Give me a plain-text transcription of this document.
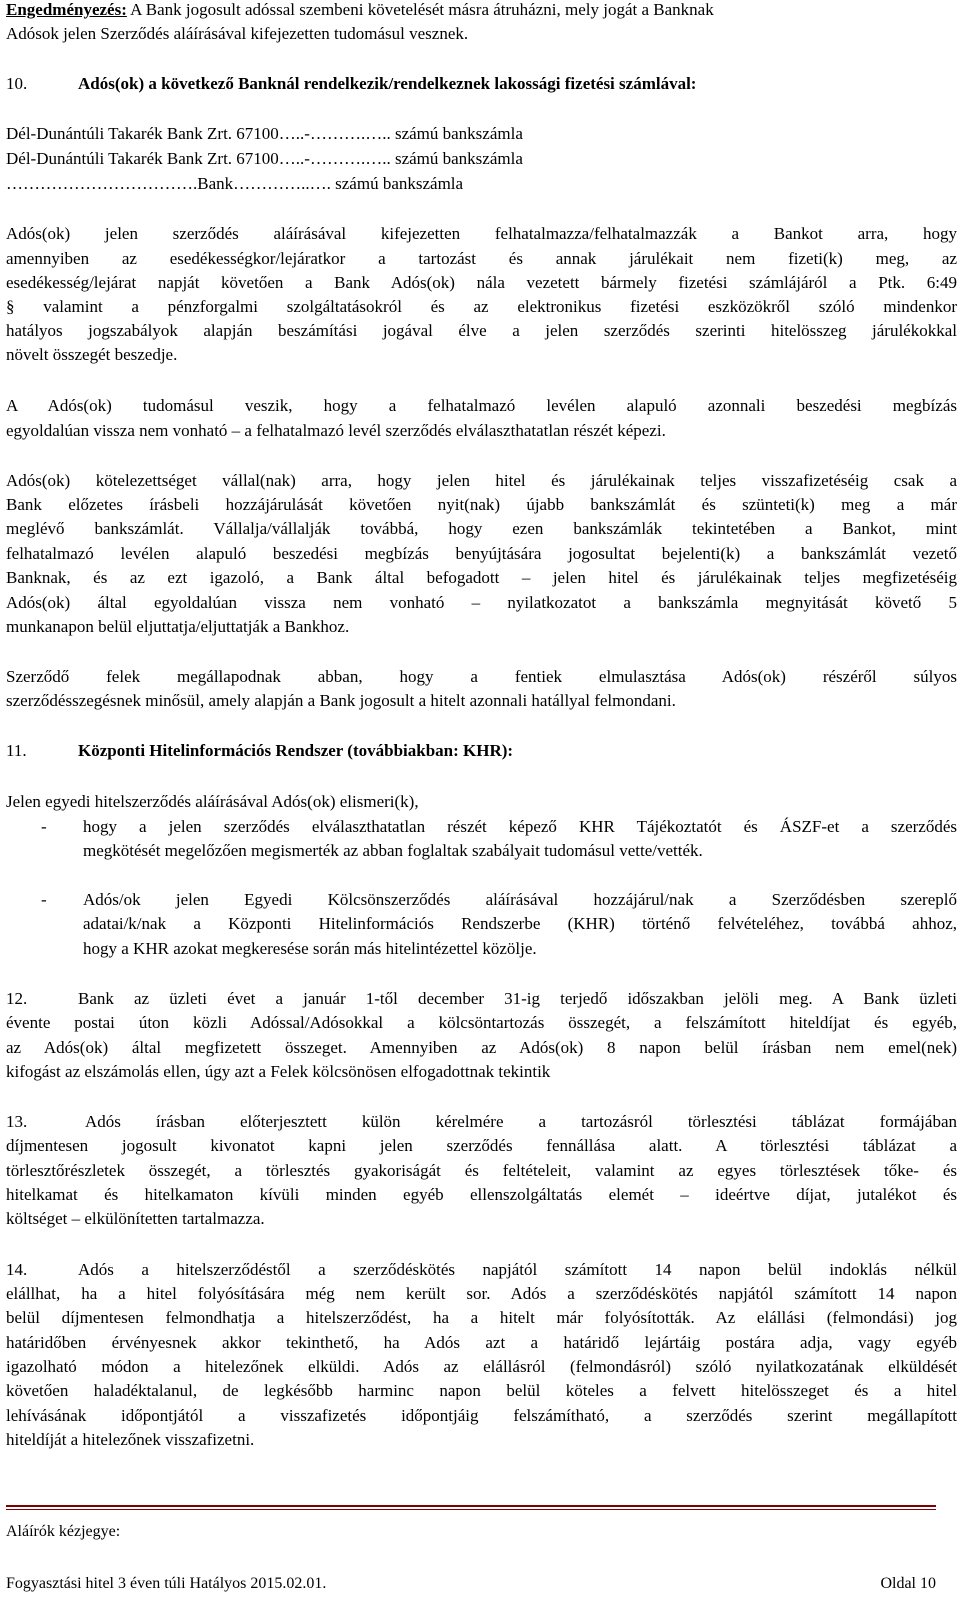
Engedményezés: A Bank jogosult adóssal szembeni követelését másra átruházni, mely jogát a Banknak
Adósok jelen Szerződés aláírásával kifejezetten tudomásul vesznek.
10.	Adós(ok) a következő Banknál rendelkezik/rendelkeznek lakossági fizetési számlával:
Dél-Dunántúli Takarék Bank Zrt. 67100…..-……….….. számú bankszámla
Dél-Dunántúli Takarék Bank Zrt. 67100…..-……….….. számú bankszámla
…………………………….Bank…………..…. számú bankszámla
Adós(ok) jelen szerződés aláírásával kifejezetten felhatalmazza/felhatalmazzák a Bankot arra, hogy
amennyiben az esedékességkor/lejáratkor a tartozást és annak járulékait nem fizeti(k) meg, az
esedékesség/lejárat napját követően a Bank Adós(ok) nála vezetett bármely fizetési számlájáról a Ptk. 6:49
§ valamint a pénzforgalmi szolgáltatásokról és az elektronikus fizetési eszközökről szóló mindenkor
hatályos jogszabályok alapján beszámítási jogával élve a jelen szerződés szerinti hitelösszeg járulékokkal
növelt összegét beszedje.
A Adós(ok) tudomásul veszik, hogy a felhatalmazó levélen alapuló azonnali beszedési megbízás
egyoldalúan vissza nem vonható – a felhatalmazó levél szerződés elválaszthatatlan részét képezi.
Adós(ok) kötelezettséget vállal(nak) arra, hogy jelen hitel és járulékainak teljes visszafizetéséig csak a
Bank előzetes írásbeli hozzájárulását követően nyit(nak) újabb bankszámlát és szünteti(k) meg a már
meglévő bankszámlát. Vállalja/vállalják továbbá, hogy ezen bankszámlák tekintetében a Bankot, mint
felhatalmazó levélen alapuló beszedési megbízás benyújtására jogosultat bejelenti(k) a bankszámlát vezető
Banknak, és az ezt igazoló, a Bank által befogadott – jelen hitel és járulékainak teljes megfizetéséig
Adós(ok) által egyoldalúan vissza nem vonható – nyilatkozatot a bankszámla megnyitását követő 5
munkanapon belül eljuttatja/eljuttatják a Bankhoz.
Szerződő felek megállapodnak abban, hogy a fentiek elmulasztása Adós(ok) részéről súlyos
szerződésszegésnek minősül, amely alapján a Bank jogosult a hitelt azonnali hatállyal felmondani.
11.	Központi Hitelinformációs Rendszer (továbbiakban: KHR):
Jelen egyedi hitelszerződés aláírásával Adós(ok) elismeri(k),
- hogy a jelen szerződés elválaszthatatlan részét képező KHR Tájékoztatót és ÁSZF-et a szerződés
megkötését megelőzően megismerték az abban foglaltak szabályait tudomásul vette/vették.
- Adós/ok jelen Egyedi Kölcsönszerződés aláírásával hozzájárul/nak a Szerződésben szereplő
adatai/k/nak a Központi Hitelinformációs Rendszerbe (KHR) történő felvételéhez, továbbá ahhoz,
hogy a KHR azokat megkeresése során más hitelintézettel közölje.
12.	Bank az üzleti évet a január 1-től december 31-ig terjedő időszakban jelöli meg. A Bank üzleti
évente postai úton közli Adóssal/Adósokkal a kölcsöntartozás összegét, a felszámított hiteldíjat és egyéb,
az Adós(ok) által megfizetett összeget. Amennyiben az Adós(ok) 8 napon belül írásban nem emel(nek)
kifogást az elszámolás ellen, úgy azt a Felek kölcsönösen elfogadottnak tekintik
13.	Adós írásban előterjesztett külön kérelmére a tartozásról törlesztési táblázat formájában
díjmentesen jogosult kivonatot kapni jelen szerződés fennállása alatt. A törlesztési táblázat a
törlesztőrészletek összegét, a törlesztés gyakoriságát és feltételeit, valamint az egyes törlesztések tőke- és
hitelkamat és hitelkamaton kívüli minden egyéb ellenszolgáltatás elemét – ideértve díjat, jutalékot és
költséget – elkülönítetten tartalmazza.
14.	Adós a hitelszerződéstől a szerződéskötés napjától számított 14 napon belül indoklás nélkül
elállhat, ha a hitel folyósítására még nem került sor. Adós a szerződéskötés napjától számított 14 napon
belül díjmentesen felmondhatja a hitelszerződést, ha a hitelt már folyósították. Az elállási (felmondási) jog
határidőben érvényesnek akkor tekinthető, ha Adós azt a határidő lejártáig postára adja, vagy egyéb
igazolható módon a hitelezőnek elküldi. Adós az elállásról (felmondásról) szóló nyilatkozatának elküldését
követően haladéktalanul, de legkésőbb harminc napon belül köteles a felvett hitelösszeget és a hitel
lehívásának időpontjától a visszafizetés időpontjáig felszámítható, a szerződés szerint megállapított
hiteldíját a hitelezőnek visszafizetni.
Aláírók kézjegye:
Fogyasztási hitel 3 éven túli Hatályos 2015.02.01.	Oldal 10
